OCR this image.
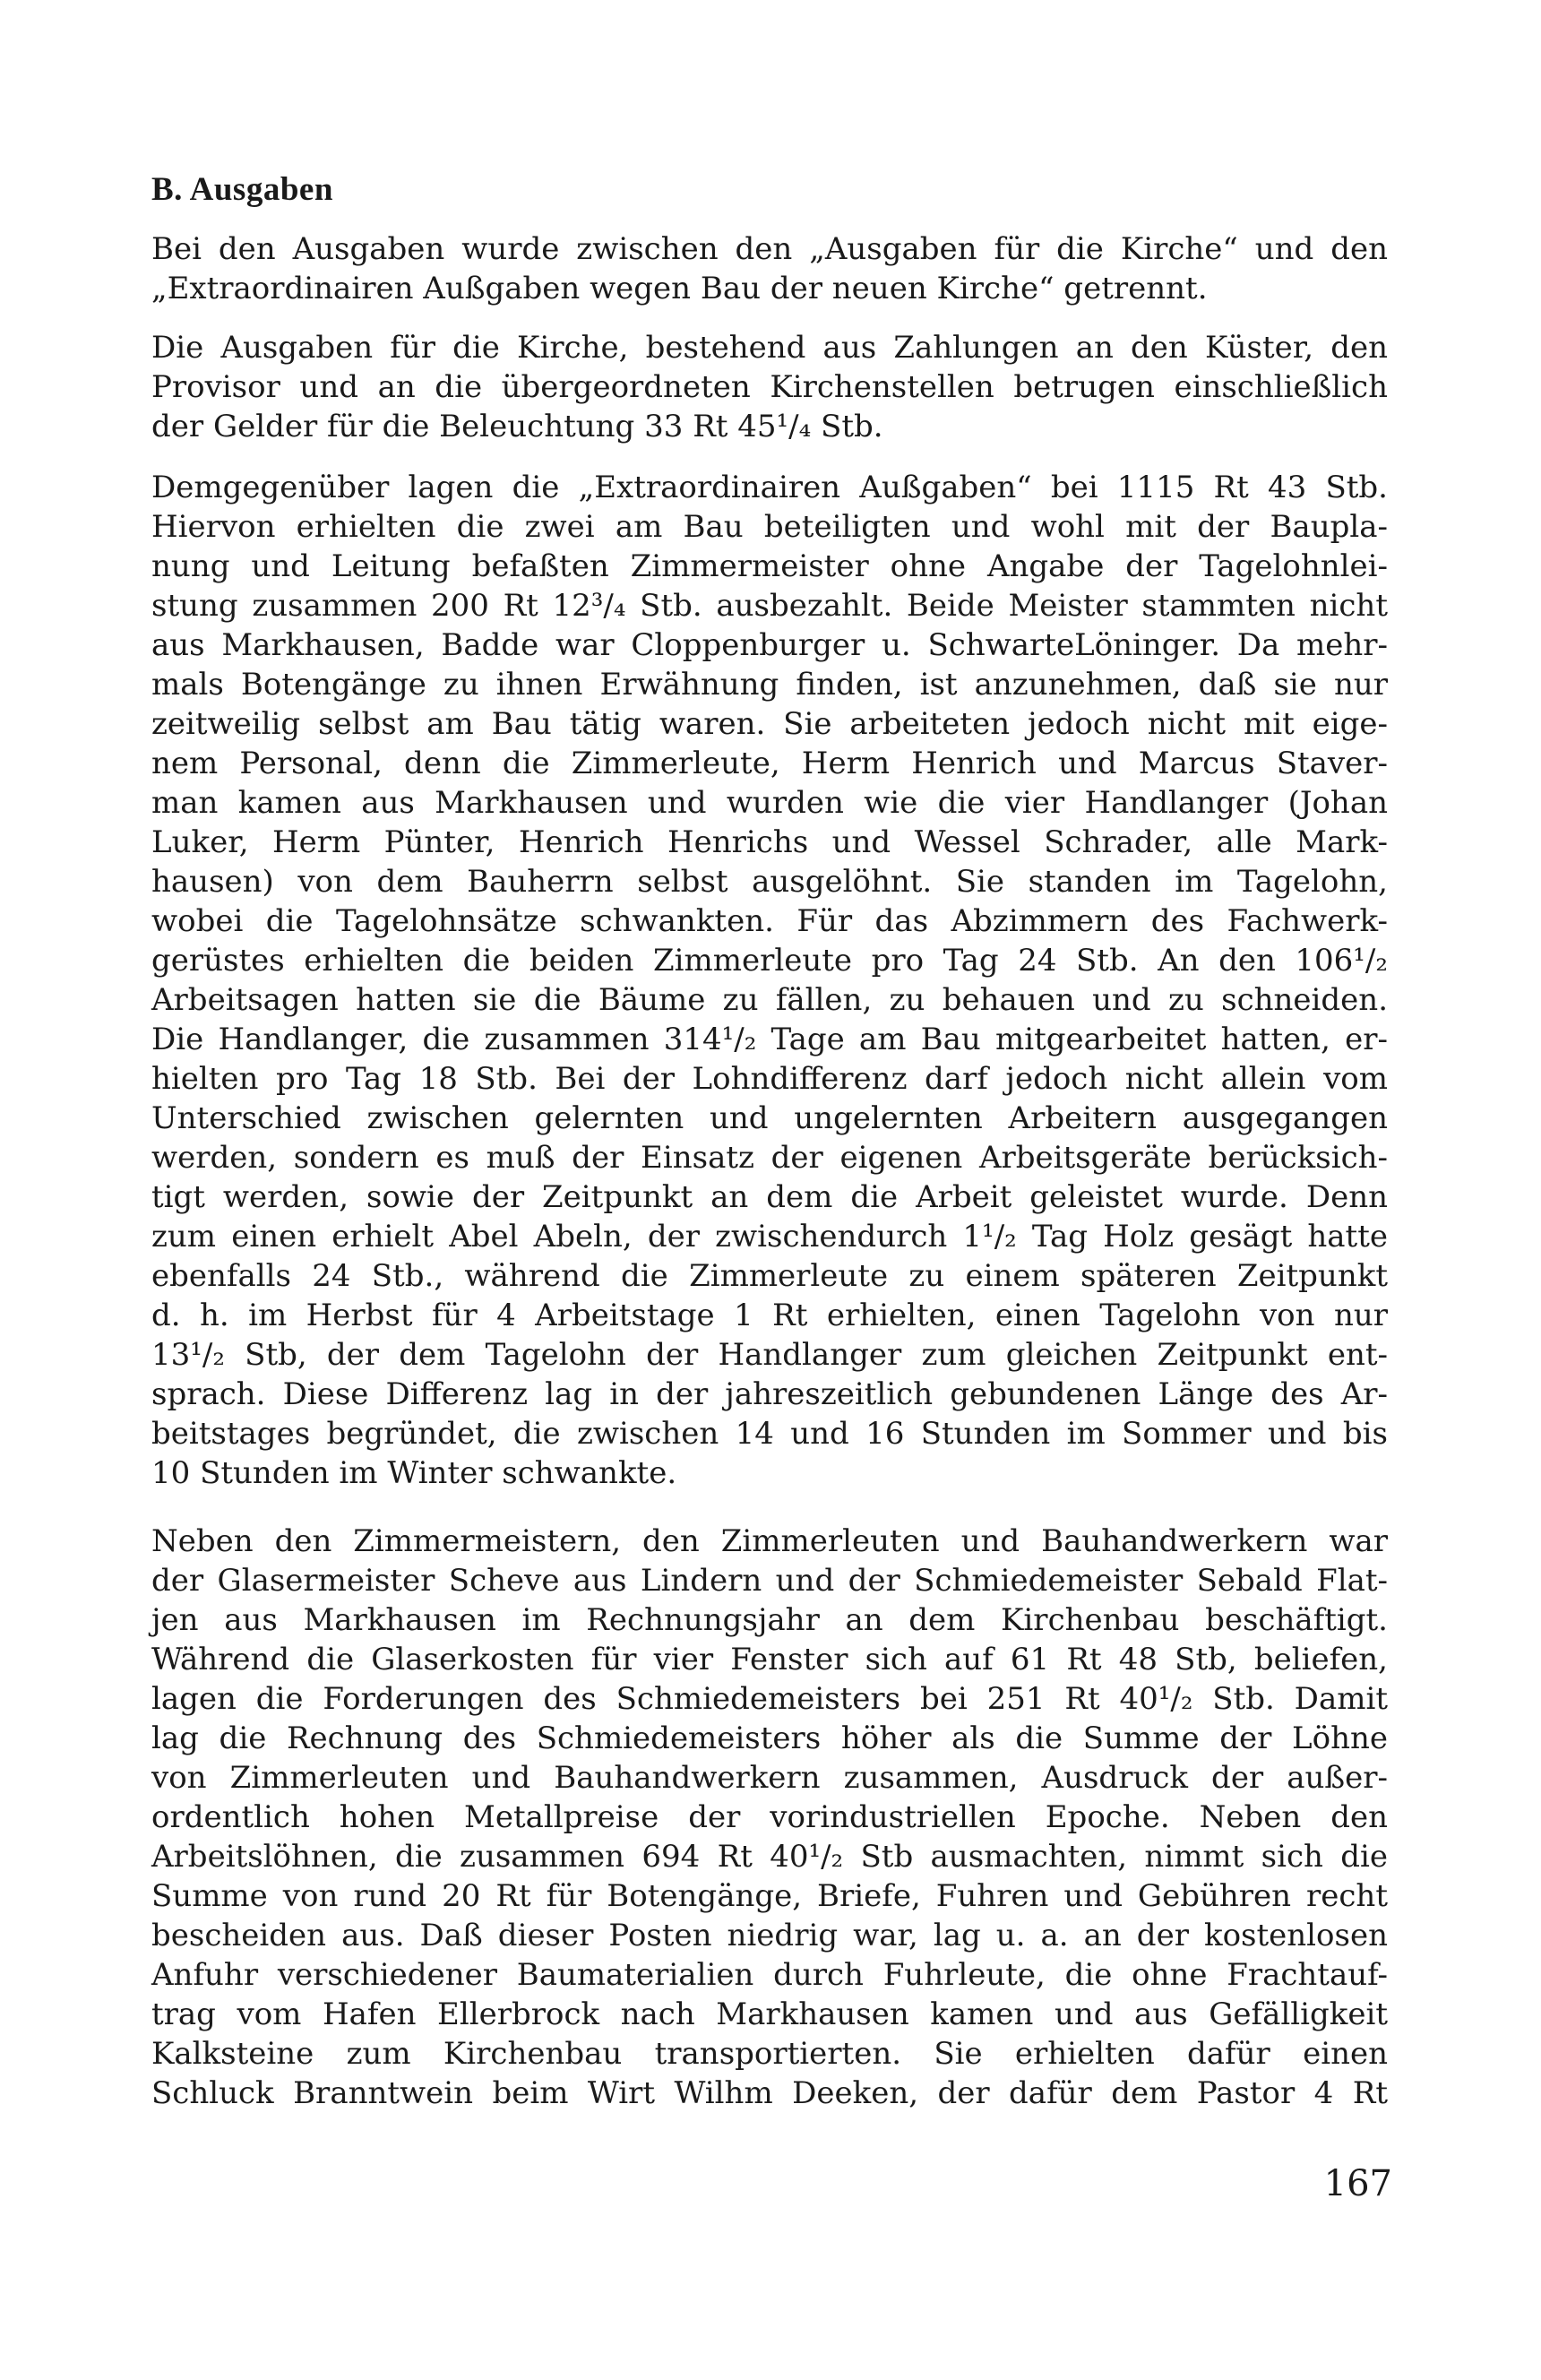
B. Ausgaben
Bei den Ausgaben wurde zwischen den „Ausgaben für die Kirche“ und den
„Extraordinairen Außgaben wegen Bau der neuen Kirche“ getrennt.
Die Ausgaben für die Kirche, bestehend aus Zahlungen an den Küster, den
Provisor und an die übergeordneten Kirchenstellen betrugen einschließlich
der Gelder für die Beleuchtung 33 Rt 45¹/₄ Stb.
Demgegenüber lagen die „Extraordinairen Außgaben“ bei 1115 Rt 43 Stb.
Hiervon erhielten die zwei am Bau beteiligten und wohl mit der Baupla-
nung und Leitung befaßten Zimmermeister ohne Angabe der Tagelohnlei-
stung zusammen 200 Rt 12³/₄ Stb. ausbezahlt. Beide Meister stammten nicht
aus Markhausen, Badde war Cloppenburger u. SchwarteLöninger. Da mehr-
mals Botengänge zu ihnen Erwähnung finden, ist anzunehmen, daß sie nur
zeitweilig selbst am Bau tätig waren. Sie arbeiteten jedoch nicht mit eige-
nem Personal, denn die Zimmerleute, Herm Henrich und Marcus Staver-
man kamen aus Markhausen und wurden wie die vier Handlanger (Johan
Luker, Herm Pünter, Henrich Henrichs und Wessel Schrader, alle Mark-
hausen) von dem Bauherrn selbst ausgelöhnt. Sie standen im Tagelohn,
wobei die Tagelohnsätze schwankten. Für das Abzimmern des Fachwerk-
gerüstes erhielten die beiden Zimmerleute pro Tag 24 Stb. An den 106¹/₂
Arbeitsagen hatten sie die Bäume zu fällen, zu behauen und zu schneiden.
Die Handlanger, die zusammen 314¹/₂ Tage am Bau mitgearbeitet hatten, er-
hielten pro Tag 18 Stb. Bei der Lohndifferenz darf jedoch nicht allein vom
Unterschied zwischen gelernten und ungelernten Arbeitern ausgegangen
werden, sondern es muß der Einsatz der eigenen Arbeitsgeräte berücksich-
tigt werden, sowie der Zeitpunkt an dem die Arbeit geleistet wurde. Denn
zum einen erhielt Abel Abeln, der zwischendurch 1¹/₂ Tag Holz gesägt hatte
ebenfalls 24 Stb., während die Zimmerleute zu einem späteren Zeitpunkt
d. h. im Herbst für 4 Arbeitstage 1 Rt erhielten, einen Tagelohn von nur
13¹/₂ Stb, der dem Tagelohn der Handlanger zum gleichen Zeitpunkt ent-
sprach. Diese Differenz lag in der jahreszeitlich gebundenen Länge des Ar-
beitstages begründet, die zwischen 14 und 16 Stunden im Sommer und bis
10 Stunden im Winter schwankte.
Neben den Zimmermeistern, den Zimmerleuten und Bauhandwerkern war
der Glasermeister Scheve aus Lindern und der Schmiedemeister Sebald Flat-
jen aus Markhausen im Rechnungsjahr an dem Kirchenbau beschäftigt.
Während die Glaserkosten für vier Fenster sich auf 61 Rt 48 Stb, beliefen,
lagen die Forderungen des Schmiedemeisters bei 251 Rt 40¹/₂ Stb. Damit
lag die Rechnung des Schmiedemeisters höher als die Summe der Löhne
von Zimmerleuten und Bauhandwerkern zusammen, Ausdruck der außer-
ordentlich hohen Metallpreise der vorindustriellen Epoche. Neben den
Arbeitslöhnen, die zusammen 694 Rt 40¹/₂ Stb ausmachten, nimmt sich die
Summe von rund 20 Rt für Botengänge, Briefe, Fuhren und Gebühren recht
bescheiden aus. Daß dieser Posten niedrig war, lag u. a. an der kostenlosen
Anfuhr verschiedener Baumaterialien durch Fuhrleute, die ohne Frachtauf-
trag vom Hafen Ellerbrock nach Markhausen kamen und aus Gefälligkeit
Kalksteine zum Kirchenbau transportierten. Sie erhielten dafür einen
Schluck Branntwein beim Wirt Wilhm Deeken, der dafür dem Pastor 4 Rt
167
